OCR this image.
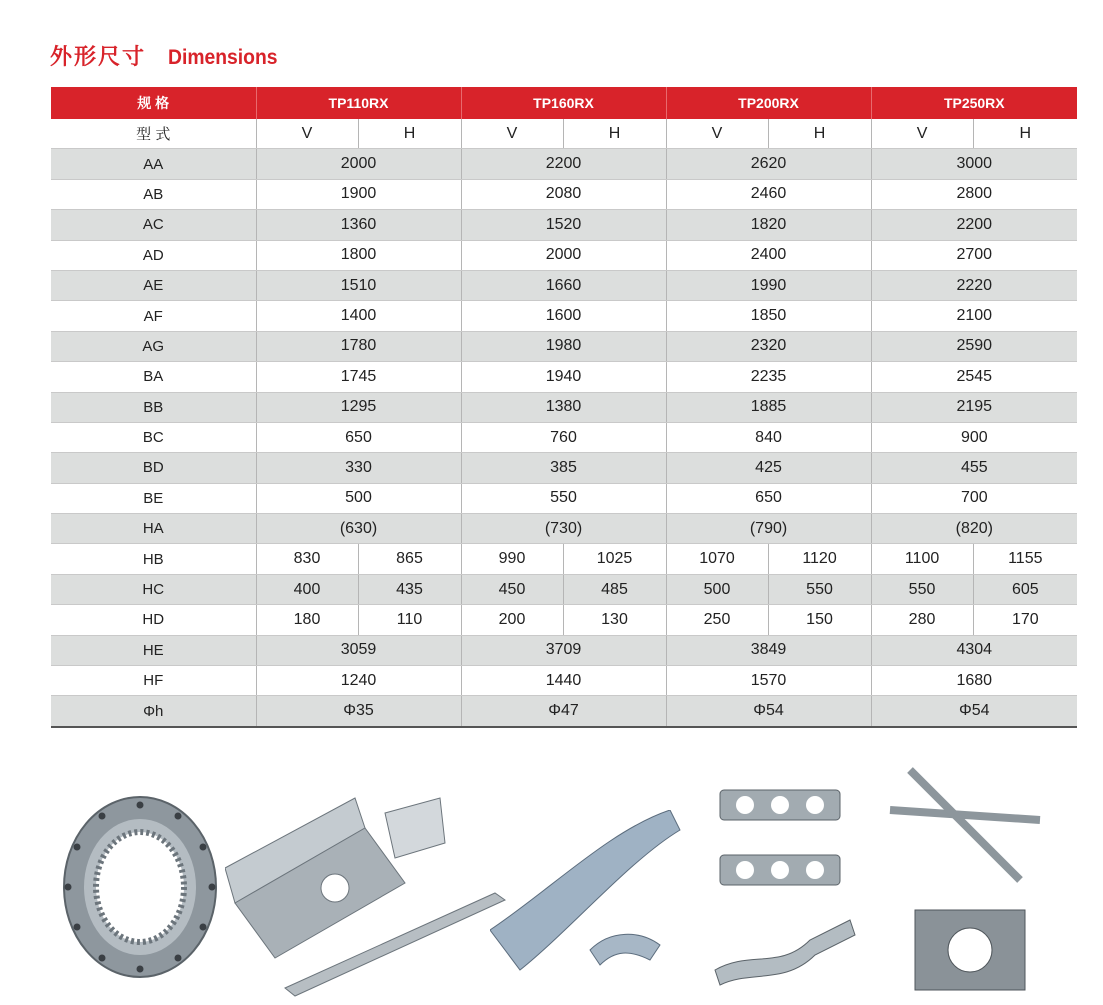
外形尺寸 Dimensions
规 格	TP110RX		TP160RX		TP200RX		TP250RX	
型 式	V	H	V	H	V	H	V	H
AA	2000		2200		2620		3000	
AB	1900		2080		2460		2800	
AC	1360		1520		1820		2200	
AD	1800		2000		2400		2700	
AE	1510		1660		1990		2220	
AF	1400		1600		1850		2100	
AG	1780		1980		2320		2590	
BA	1745		1940		2235		2545	
BB	1295		1380		1885		2195	
BC	650		760		840		900	
BD	330		385		425		455	
BE	500		550		650		700	
HA	(630)		(730)		(790)		(820)	
HB	830	865	990	1025	1070	1120	1100	1155
HC	400	435	450	485	500	550	550	605
HD	180	110	200	130	250	150	280	170
HE	3059		3709		3849		4304	
HF	1240		1440		1570		1680	
Φh	Φ35		Φ47		Φ54		Φ54	
